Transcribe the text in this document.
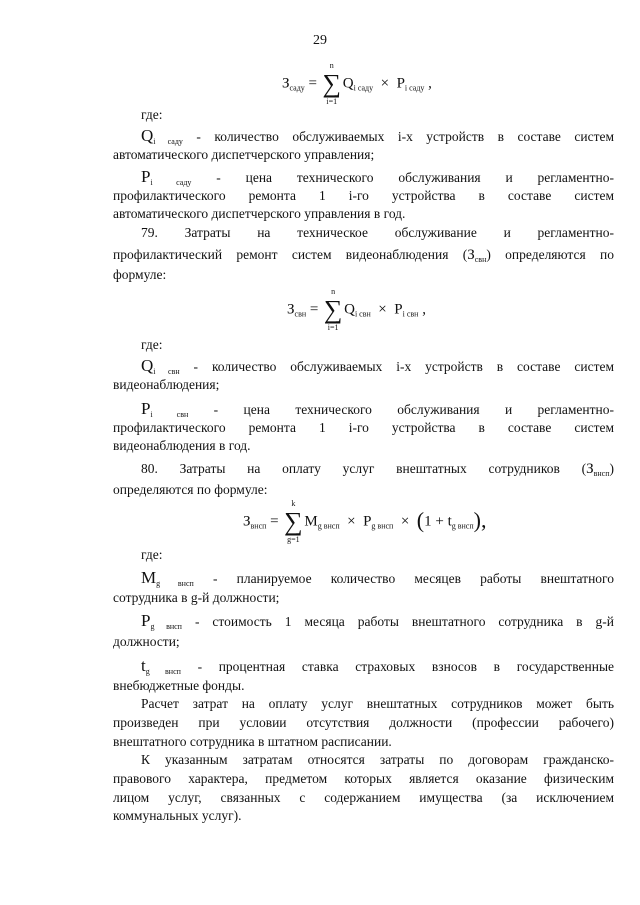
29
$З_{саду}$ =
n
∑
i=1
$Q_{i саду} \times P_{i саду}$ ,
где:
$Q_{i саду}$ - количество обслуживаемых i-х устройств в составе систем
автоматического диспетчерского управления;
$P_{i саду}$ - цена технического обслуживания и регламентно-
профилактического ремонта 1 i-го устройства в составе систем
автоматического диспетчерского управления в год.
79. Затраты на техническое обслуживание и регламентно-
профилактический ремонт систем видеонаблюдения $(З_{свн})$ определяются по
формуле:
$З_{свн}$ =
n
∑
i=1
$Q_{i свн} \times P_{i свн}$ ,
где:
$Q_{i свн}$ - количество обслуживаемых i-х устройств в составе систем
видеонаблюдения;
$P_{i свн}$ - цена технического обслуживания и регламентно-
профилактического ремонта 1 i-го устройства в составе систем
видеонаблюдения в год.
80. Затраты на оплату услуг внештатных сотрудников $(З_{внсп})$
определяются по формуле:
$З_{внсп}$ =
k
∑
g=1
$M_{g внсп} \times P_{g внсп} \times (1 + t_{g внсп})$,
где:
$M_{g внсп}$ - планируемое количество месяцев работы внештатного
сотрудника в g-й должности;
$P_{g внсп}$ - стоимость 1 месяца работы внештатного сотрудника в g-й
должности;
$t_{g внсп}$ - процентная ставка страховых взносов в государственные
внебюджетные фонды.
Расчет затрат на оплату услуг внештатных сотрудников может быть
произведен при условии отсутствия должности (профессии рабочего)
внештатного сотрудника в штатном расписании.
К указанным затратам относятся затраты по договорам гражданско-
правового характера, предметом которых является оказание физическим
лицом услуг, связанных с содержанием имущества (за исключением
коммунальных услуг).
